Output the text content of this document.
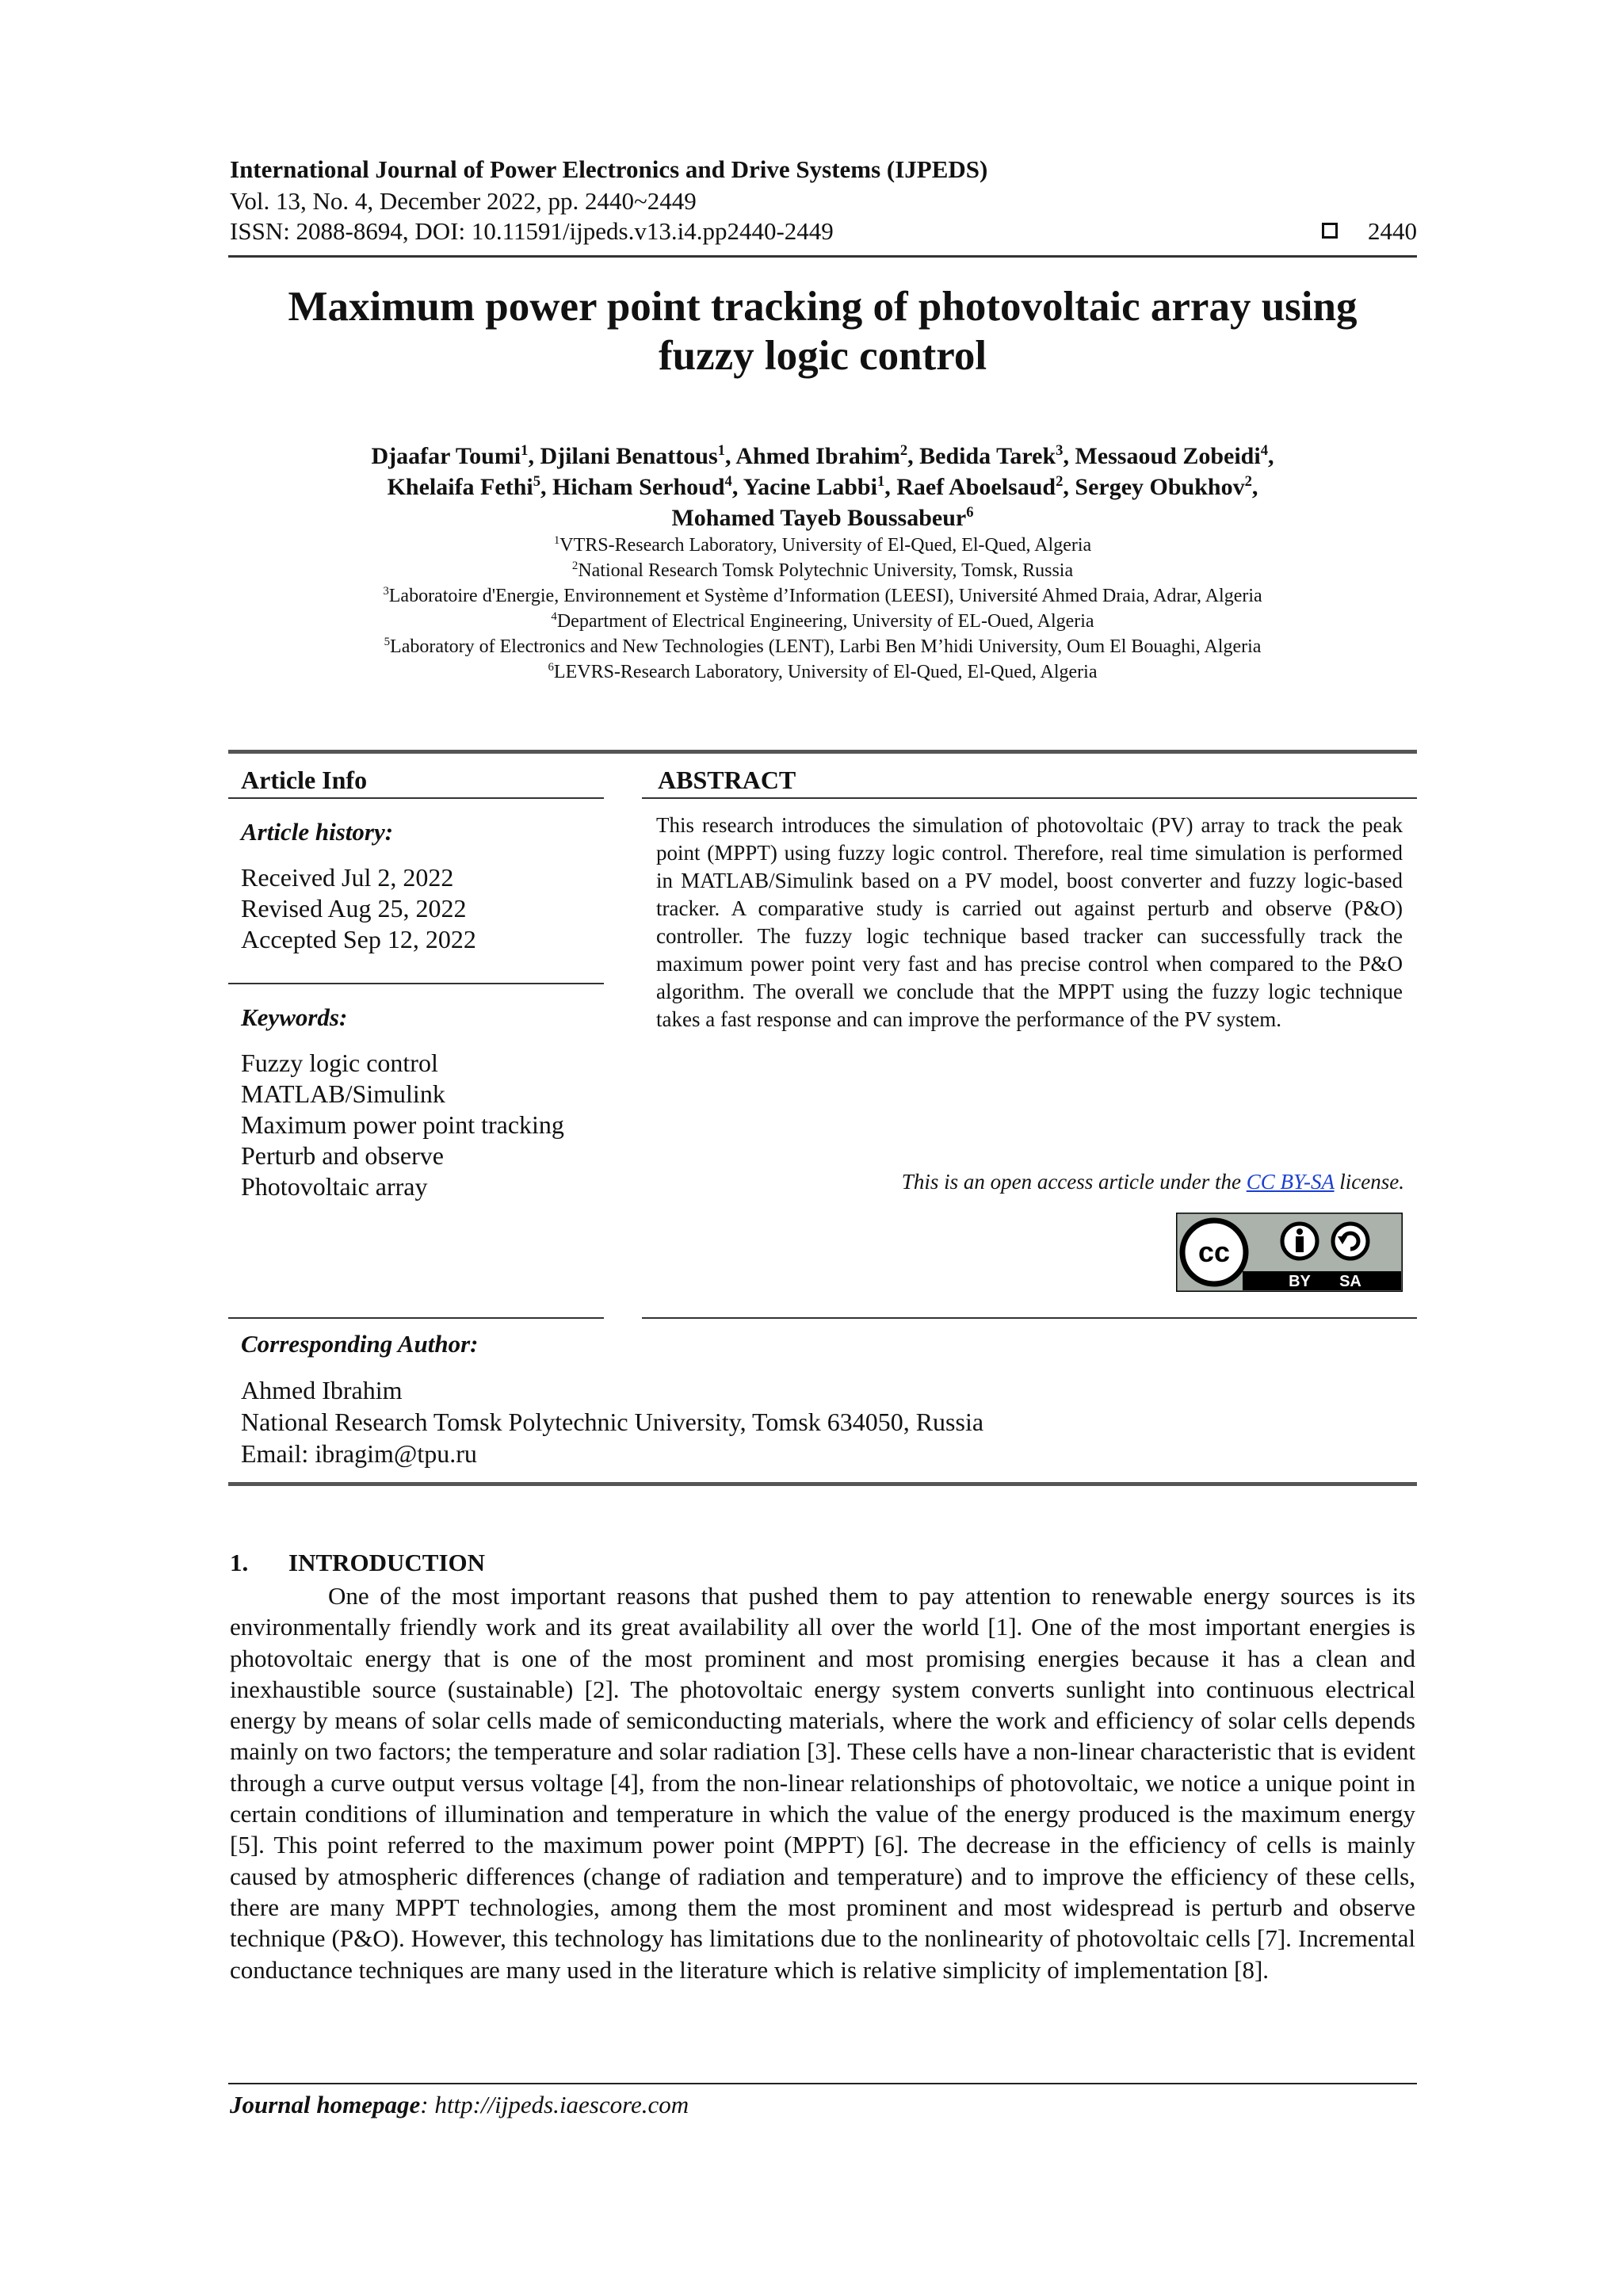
International Journal of Power Electronics and Drive Systems (IJPEDS)
Vol. 13, No. 4, December 2022, pp. 2440~2449
ISSN: 2088-8694, DOI: 10.11591/ijpeds.v13.i4.pp2440-2449	2440
Maximum power point tracking of photovoltaic array using
fuzzy logic control
Djaafar Toumi$^1$, Djilani Benattous$^1$, Ahmed Ibrahim$^2$, Bedida Tarek$^3$, Messaoud Zobeidi$^4$,
Khelaifa Fethi$^5$, Hicham Serhoud$^4$, Yacine Labbi$^1$, Raef Aboelsaud$^2$, Sergey Obukhov$^2$,
Mohamed Tayeb Boussabeur$^6$
$^1$VTRS-Research Laboratory, University of El-Qued, El-Qued, Algeria
$^2$National Research Tomsk Polytechnic University, Tomsk, Russia
$^3$Laboratoire d'Energie, Environnement et Système d’Information (LEESI), Université Ahmed Draia, Adrar, Algeria
$^4$Department of Electrical Engineering, University of EL-Oued, Algeria
$^5$Laboratory of Electronics and New Technologies (LENT), Larbi Ben M’hidi University, Oum El Bouaghi, Algeria
$^6$LEVRS-Research Laboratory, University of El-Qued, El-Qued, Algeria
Article Info
Article history:
Received Jul 2, 2022
Revised Aug 25, 2022
Accepted Sep 12, 2022
Keywords:
Fuzzy logic control
MATLAB/Simulink
Maximum power point tracking
Perturb and observe
Photovoltaic array
ABSTRACT
This research introduces the simulation of photovoltaic (PV) array to track the peak point (MPPT) using fuzzy logic control. Therefore, real time simulation is performed in MATLAB/Simulink based on a PV model, boost converter and fuzzy logic-based tracker. A comparative study is carried out against perturb and observe (P&O) controller. The fuzzy logic technique based tracker can successfully track the maximum power point very fast and has precise control when compared to the P&O algorithm. The overall we conclude that the MPPT using the fuzzy logic technique takes a fast response and can improve the performance of the PV system.
This is an open access article under the CC BY-SA license.
cc
BY SA
Corresponding Author:
Ahmed Ibrahim
National Research Tomsk Polytechnic University, Tomsk 634050, Russia
Email: ibragim@tpu.ru
1. INTRODUCTION
One of the most important reasons that pushed them to pay attention to renewable energy sources is its environmentally friendly work and its great availability all over the world [1]. One of the most important energies is photovoltaic energy that is one of the most prominent and most promising energies because it has a clean and inexhaustible source (sustainable) [2]. The photovoltaic energy system converts sunlight into continuous electrical energy by means of solar cells made of semiconducting materials, where the work and efficiency of solar cells depends mainly on two factors; the temperature and solar radiation [3]. These cells have a non-linear characteristic that is evident through a curve output versus voltage [4], from the non-linear relationships of photovoltaic, we notice a unique point in certain conditions of illumination and temperature in which the value of the energy produced is the maximum energy [5]. This point referred to the maximum power point (MPPT) [6]. The decrease in the efficiency of cells is mainly caused by atmospheric differences (change of radiation and temperature) and to improve the efficiency of these cells, there are many MPPT technologies, among them the most prominent and most widespread is perturb and observe technique (P&O). However, this technology has limitations due to the nonlinearity of photovoltaic cells [7]. Incremental conductance techniques are many used in the literature which is relative simplicity of implementation [8].
Journal homepage: http://ijpeds.iaescore.com
